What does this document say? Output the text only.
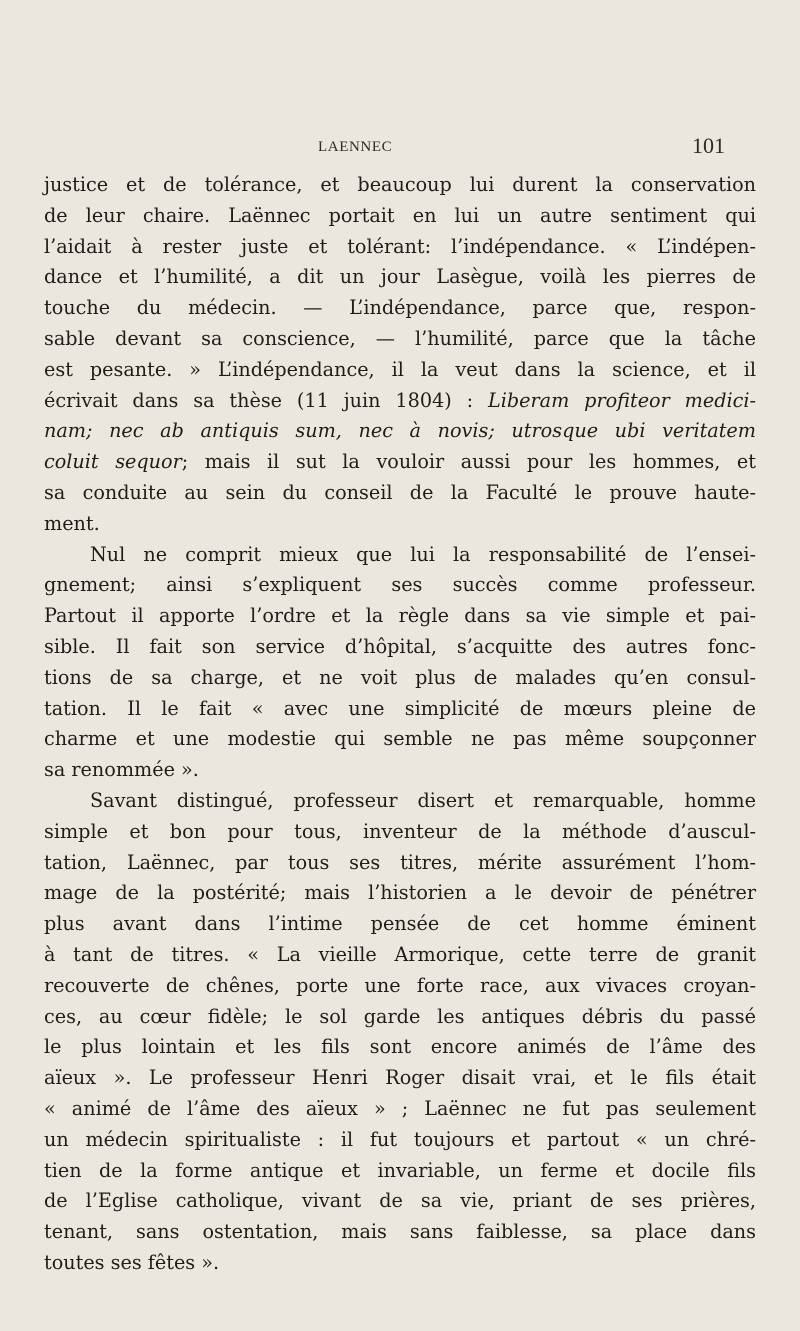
LAENNEC	101
justice et de tolérance, et beaucoup lui durent la conservation
de leur chaire. Laënnec portait en lui un autre sentiment qui
l’aidait à rester juste et tolérant: l’indépendance. « L’indépen-
dance et l’humilité, a dit un jour Lasègue, voilà les pierres de
touche du médecin. — L’indépendance, parce que, respon-
sable devant sa conscience, — l’humilité, parce que la tâche
est pesante. » L’indépendance, il la veut dans la science, et il
écrivait dans sa thèse (11 juin 1804) : Liberam profiteor medici-
nam; nec ab antiquis sum, nec à novis; utrosque ubi veritatem
coluit sequor; mais il sut la vouloir aussi pour les hommes, et
sa conduite au sein du conseil de la Faculté le prouve haute-
ment.
Nul ne comprit mieux que lui la responsabilité de l’ensei-
gnement; ainsi s’expliquent ses succès comme professeur.
Partout il apporte l’ordre et la règle dans sa vie simple et pai-
sible. Il fait son service d’hôpital, s’acquitte des autres fonc-
tions de sa charge, et ne voit plus de malades qu’en consul-
tation. Il le fait « avec une simplicité de mœurs pleine de
charme et une modestie qui semble ne pas même soupçonner
sa renommée ».
Savant distingué, professeur disert et remarquable, homme
simple et bon pour tous, inventeur de la méthode d’auscul-
tation, Laënnec, par tous ses titres, mérite assurément l’hom-
mage de la postérité; mais l’historien a le devoir de pénétrer
plus avant dans l’intime pensée de cet homme éminent
à tant de titres. « La vieille Armorique, cette terre de granit
recouverte de chênes, porte une forte race, aux vivaces croyan-
ces, au cœur fidèle; le sol garde les antiques débris du passé
le plus lointain et les fils sont encore animés de l’âme des
aïeux ». Le professeur Henri Roger disait vrai, et le fils était
« animé de l’âme des aïeux » ; Laënnec ne fut pas seulement
un médecin spiritualiste : il fut toujours et partout « un chré-
tien de la forme antique et invariable, un ferme et docile fils
de l’Eglise catholique, vivant de sa vie, priant de ses prières,
tenant, sans ostentation, mais sans faiblesse, sa place dans
toutes ses fêtes ».
